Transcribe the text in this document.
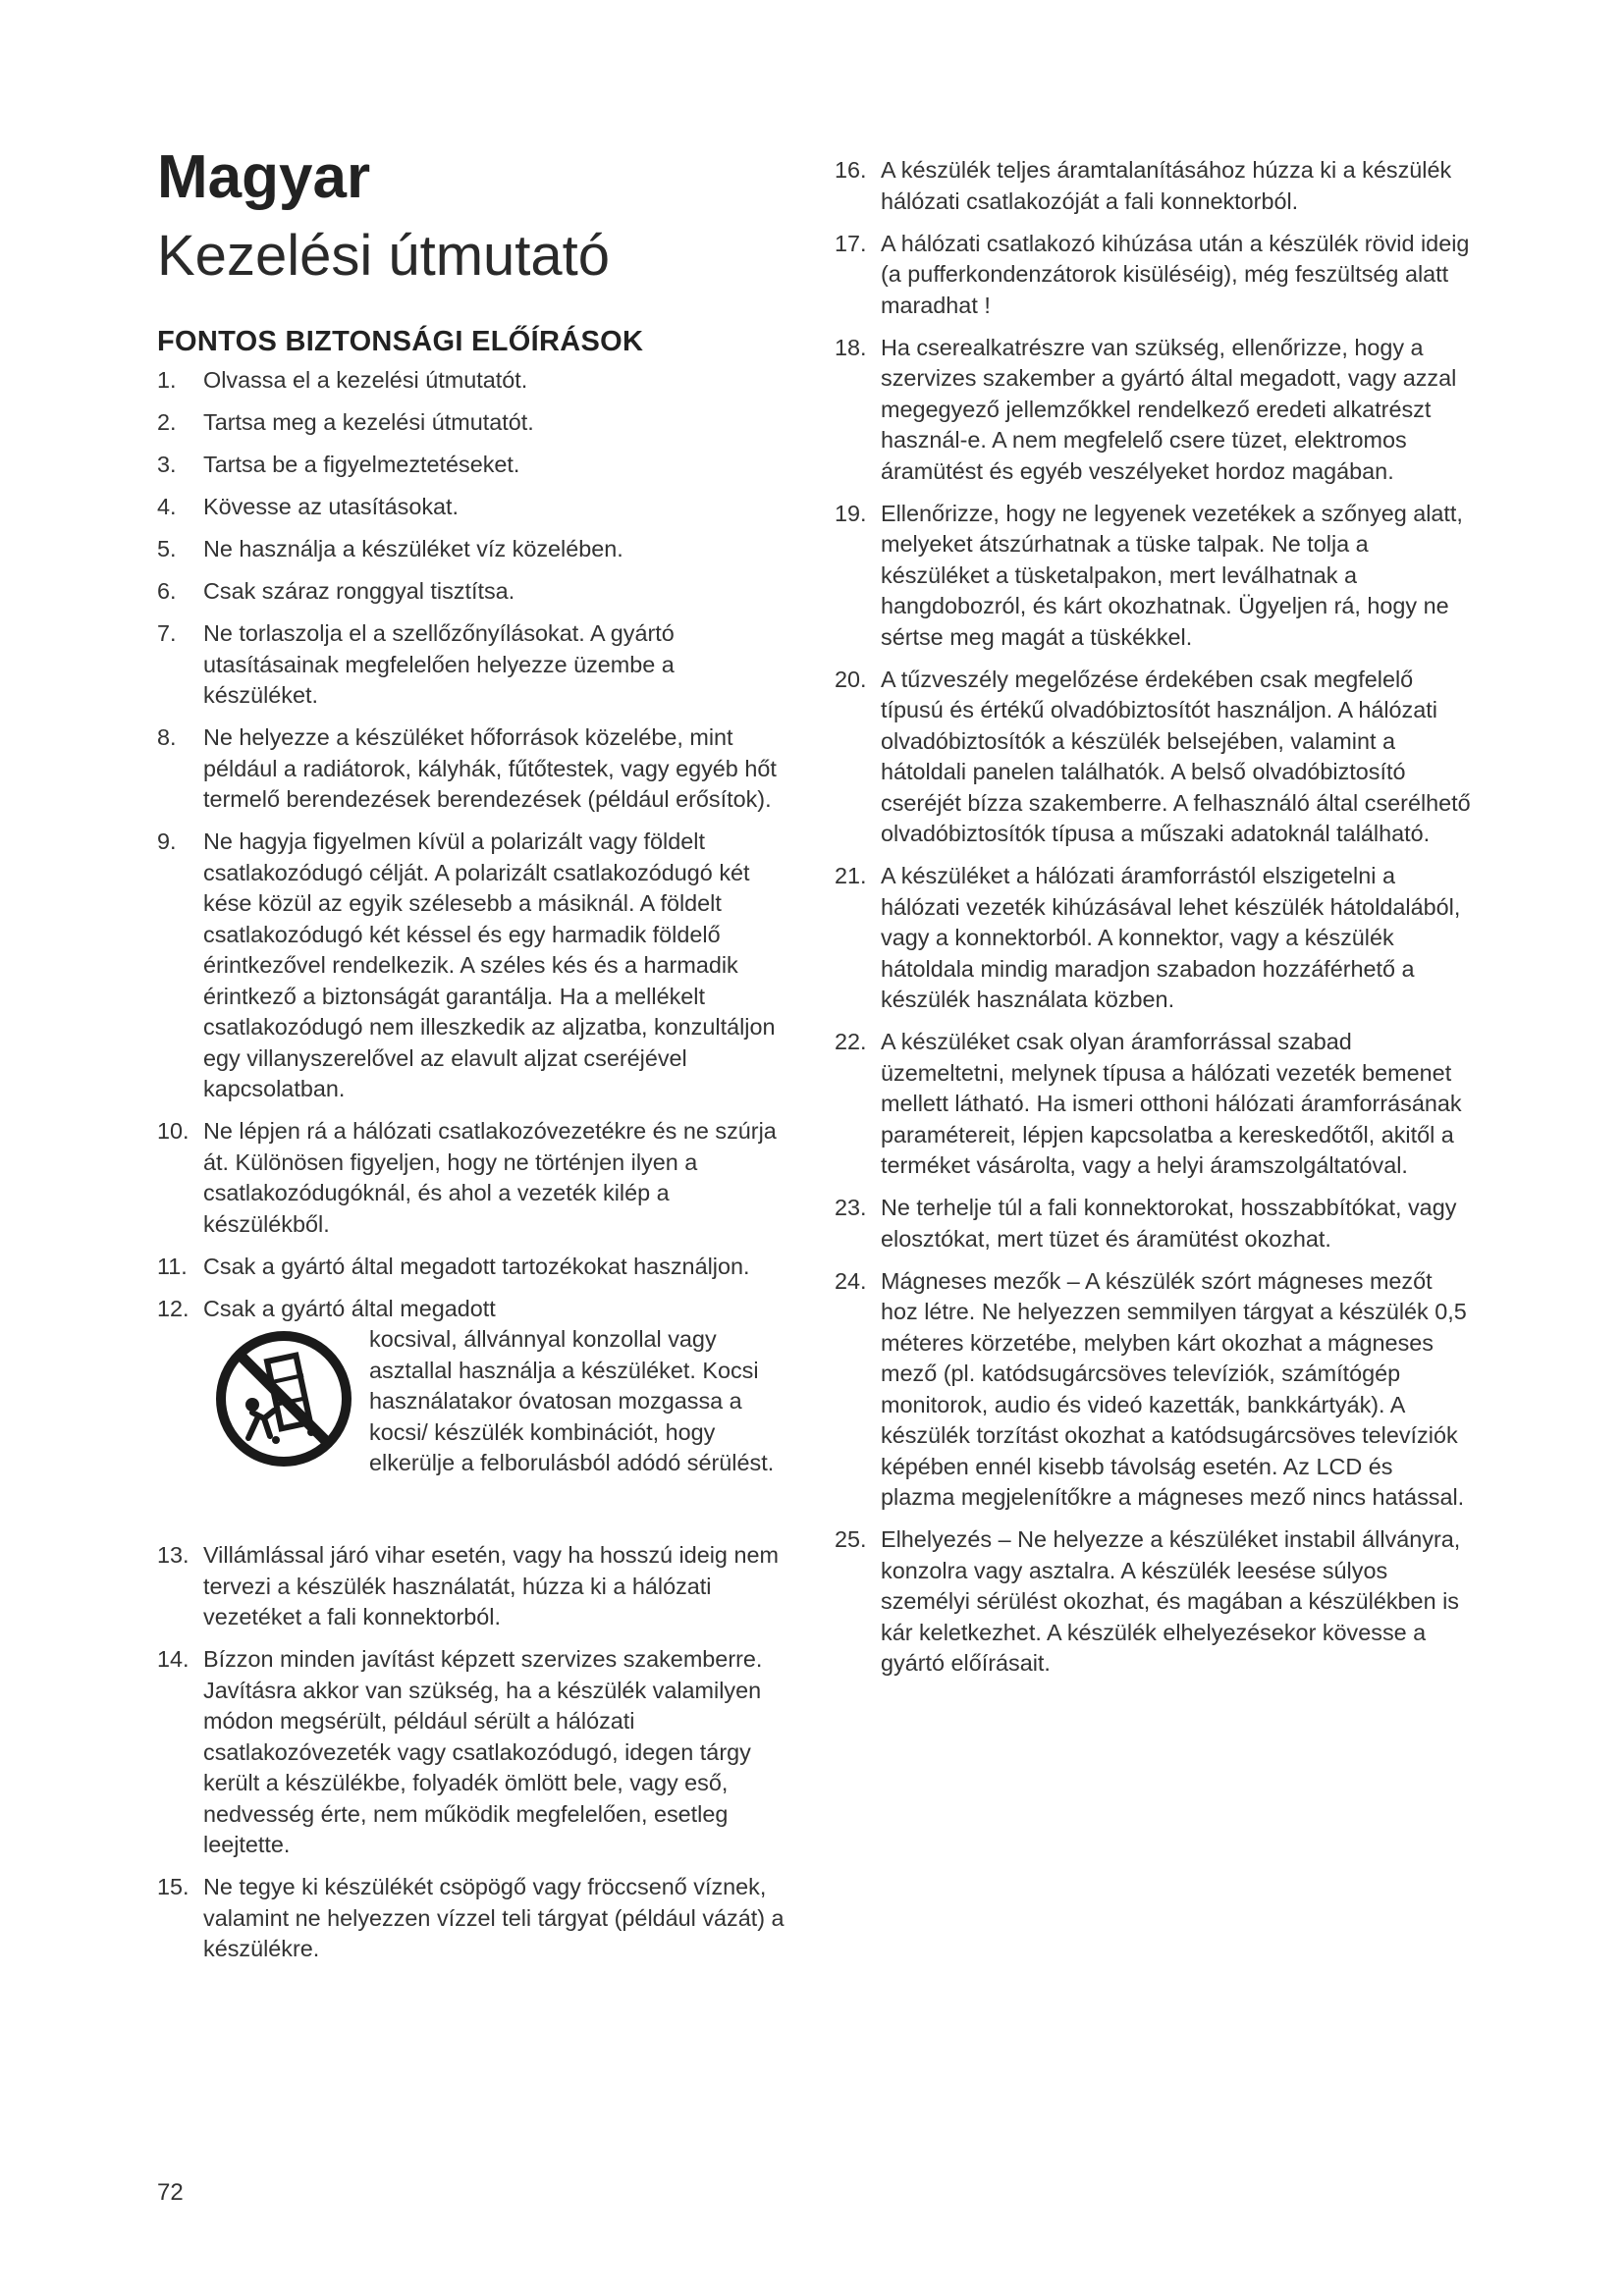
Magyar
Kezelési útmutató
FONTOS BIZTONSÁGI ELŐÍRÁSOK
1. Olvassa el a kezelési útmutatót.
2. Tartsa meg a kezelési útmutatót.
3. Tartsa be a figyelmeztetéseket.
4. Kövesse az utasításokat.
5. Ne használja a készüléket víz közelében.
6. Csak száraz ronggyal tisztítsa.
7. Ne torlaszolja el a szellőzőnyílásokat. A gyártó utasításainak megfelelően helyezze üzembe a készüléket.
8. Ne helyezze a készüléket hőforrások közelébe, mint például a radiátorok, kályhák, fűtőtestek, vagy egyéb hőt termelő berendezések berendezések (például erősítok).
9. Ne hagyja figyelmen kívül a polarizált vagy földelt csatlakozódugó célját. A polarizált csatlakozódugó két kése közül az egyik szélesebb a másiknál. A földelt csatlakozódugó két késsel és egy harmadik földelő érintkezővel rendelkezik. A széles kés és a harmadik érintkező a biztonságát garantálja. Ha a mellékelt csatlakozódugó nem illeszkedik az aljzatba, konzultáljon egy villanyszerelővel az elavult aljzat cseréjével kapcsolatban.
10. Ne lépjen rá a hálózati csatlakozóvezetékre és ne szúrja át. Különösen figyeljen, hogy ne történjen ilyen a csatlakozódugóknál, és ahol a vezeték kilép a készülékből.
11. Csak a gyártó által megadott tartozékokat használjon.
12. Csak a gyártó által megadott
kocsival, állvánnyal konzollal vagy asztallal használja a készüléket. Kocsi használatakor óvatosan mozgassa a kocsi/ készülék kombinációt, hogy elkerülje a felborulásból adódó sérülést.
13. Villámlással járó vihar esetén, vagy ha hosszú ideig nem tervezi a készülék használatát, húzza ki a hálózati vezetéket a fali konnektorból.
14. Bízzon minden javítást képzett szervizes szakemberre. Javításra akkor van szükség, ha a készülék valamilyen módon megsérült, például sérült a hálózati csatlakozóvezeték vagy csatlakozódugó, idegen tárgy került a készülékbe, folyadék ömlött bele, vagy eső, nedvesség érte, nem működik megfelelően, esetleg leejtette.
15. Ne tegye ki készülékét csöpögő vagy fröccsenő víznek, valamint ne helyezzen vízzel teli tárgyat (például vázát) a készülékre.
16. A készülék teljes áramtalanításához húzza ki a készülék hálózati csatlakozóját a fali konnektorból.
17. A hálózati csatlakozó kihúzása után a készülék rövid ideig (a pufferkondenzátorok kisüléséig), még feszültség alatt maradhat !
18. Ha cserealkatrészre van szükség, ellenőrizze, hogy a szervizes szakember a gyártó által megadott, vagy azzal megegyező jellemzőkkel rendelkező eredeti alkatrészt használ-e. A nem megfelelő csere tüzet, elektromos áramütést és egyéb veszélyeket hordoz magában.
19. Ellenőrizze, hogy ne legyenek vezetékek a szőnyeg alatt, melyeket átszúrhatnak a tüske talpak. Ne tolja a készüléket a tüsketalpakon, mert leválhatnak a hangdobozról, és kárt okozhatnak. Ügyeljen rá, hogy ne sértse meg magát a tüskékkel.
20. A tűzveszély megelőzése érdekében csak megfelelő típusú és értékű olvadóbiztosítót használjon. A hálózati olvadóbiztosítók a készülék belsejében, valamint a hátoldali panelen találhatók. A belső olvadóbiztosító cseréjét bízza szakemberre. A felhasználó által cserélhető olvadóbiztosítók típusa a műszaki adatoknál található.
21. A készüléket a hálózati áramforrástól elszigetelni a hálózati vezeték kihúzásával lehet készülék hátoldalából, vagy a konnektorból. A konnektor, vagy a készülék hátoldala mindig maradjon szabadon hozzáférhető a készülék használata közben.
22. A készüléket csak olyan áramforrással szabad üzemeltetni, melynek típusa a hálózati vezeték bemenet mellett látható. Ha ismeri otthoni hálózati áramforrásának paramétereit, lépjen kapcsolatba a kereskedőtől, akitől a terméket vásárolta, vagy a helyi áramszolgáltatóval.
23. Ne terhelje túl a fali konnektorokat, hosszabbítókat, vagy elosztókat, mert tüzet és áramütést okozhat.
24. Mágneses mezők – A készülék szórt mágneses mezőt hoz létre. Ne helyezzen semmilyen tárgyat a készülék 0,5 méteres körzetébe, melyben kárt okozhat a mágneses mező (pl. katódsugárcsöves televíziók, számítógép monitorok, audio és videó kazetták, bankkártyák). A készülék torzítást okozhat a katódsugárcsöves televíziók képében ennél kisebb távolság esetén. Az LCD és plazma megjelenítőkre a mágneses mező nincs hatással.
25. Elhelyezés – Ne helyezze a készüléket instabil állványra, konzolra vagy asztalra. A készülék leesése súlyos személyi sérülést okozhat, és magában a készülékben is kár keletkezhet. A készülék elhelyezésekor kövesse a gyártó előírásait.
72
